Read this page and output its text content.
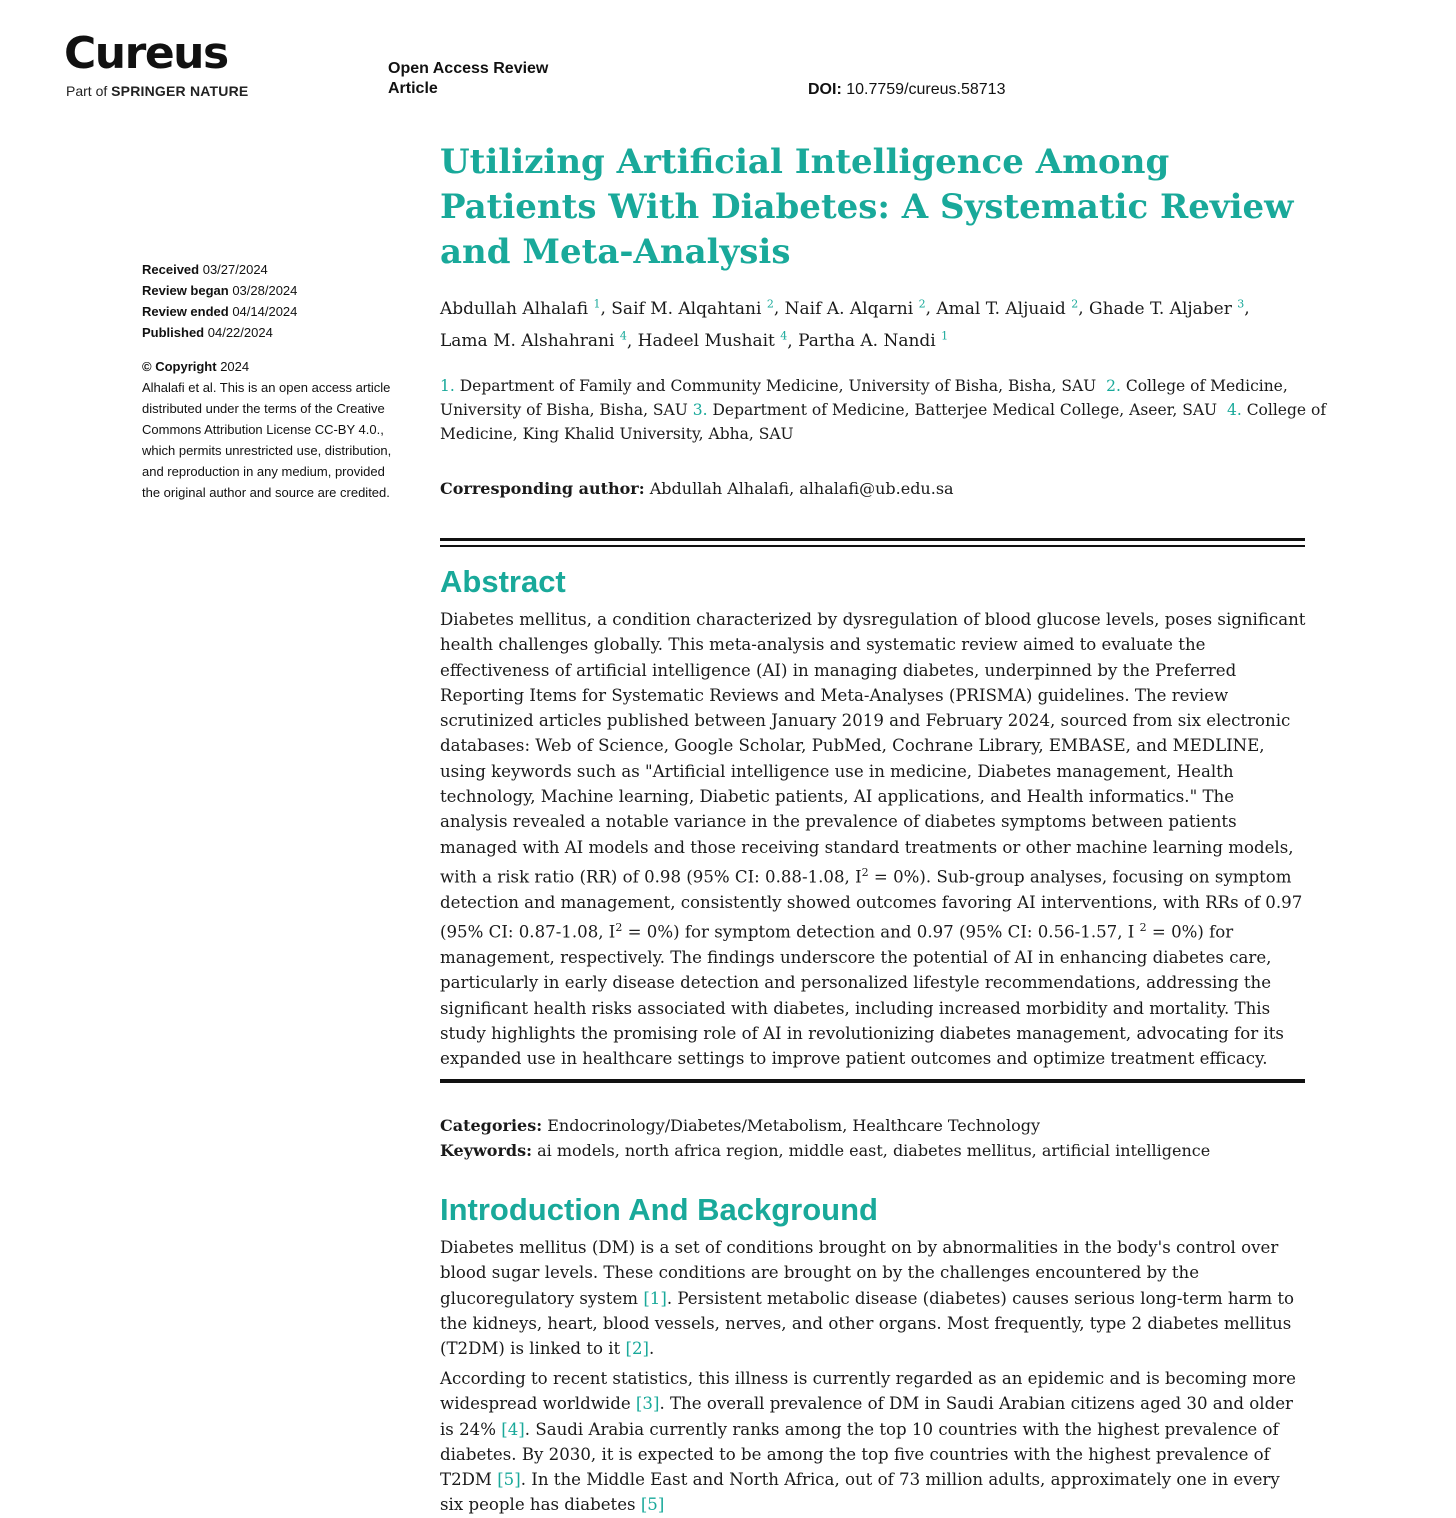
Cureus
Part of SPRINGER NATURE
Open Access Review Article	DOI: 10.7759/cureus.58713
Utilizing Artificial Intelligence Among Patients With Diabetes: A Systematic Review and Meta-Analysis
Received 03/27/2024
Review began 03/28/2024
Review ended 04/14/2024
Published 04/22/2024
© Copyright 2024
Alhalafi et al. This is an open access article distributed under the terms of the Creative Commons Attribution License CC-BY 4.0., which permits unrestricted use, distribution, and reproduction in any medium, provided the original author and source are credited.
Abdullah Alhalafi $^1$, Saif M. Alqahtani $^2$, Naif A. Alqarni $^2$, Amal T. Aljuaid $^2$, Ghade T. Aljaber $^3$,
Lama M. Alshahrani $^4$, Hadeel Mushait $^4$, Partha A. Nandi $^1$
1. Department of Family and Community Medicine, University of Bisha, Bisha, SAU 2. College of Medicine, University of Bisha, Bisha, SAU 3. Department of Medicine, Batterjee Medical College, Aseer, SAU 4. College of Medicine, King Khalid University, Abha, SAU
Corresponding author: Abdullah Alhalafi, alhalafi@ub.edu.sa
Abstract
Diabetes mellitus, a condition characterized by dysregulation of blood glucose levels, poses significant health challenges globally. This meta-analysis and systematic review aimed to evaluate the effectiveness of artificial intelligence (AI) in managing diabetes, underpinned by the Preferred Reporting Items for Systematic Reviews and Meta-Analyses (PRISMA) guidelines. The review scrutinized articles published between January 2019 and February 2024, sourced from six electronic databases: Web of Science, Google Scholar, PubMed, Cochrane Library, EMBASE, and MEDLINE, using keywords such as "Artificial intelligence use in medicine, Diabetes management, Health technology, Machine learning, Diabetic patients, AI applications, and Health informatics." The analysis revealed a notable variance in the prevalence of diabetes symptoms between patients managed with AI models and those receiving standard treatments or other machine learning models, with a risk ratio (RR) of 0.98 (95% CI: 0.88-1.08, $I^2 = 0\%$). Sub-group analyses, focusing on symptom detection and management, consistently showed outcomes favoring AI interventions, with RRs of 0.97 (95% CI: 0.87-1.08, $I^2 = 0\%$) for symptom detection and 0.97 (95% CI: 0.56-1.57, I $^2$ = 0%) for management, respectively. The findings underscore the potential of AI in enhancing diabetes care, particularly in early disease detection and personalized lifestyle recommendations, addressing the significant health risks associated with diabetes, including increased morbidity and mortality. This study highlights the promising role of AI in revolutionizing diabetes management, advocating for its expanded use in healthcare settings to improve patient outcomes and optimize treatment efficacy.
Categories: Endocrinology/Diabetes/Metabolism, Healthcare Technology
Keywords: ai models, north africa region, middle east, diabetes mellitus, artificial intelligence
Introduction And Background
Diabetes mellitus (DM) is a set of conditions brought on by abnormalities in the body's control over blood sugar levels. These conditions are brought on by the challenges encountered by the glucoregulatory system [1]. Persistent metabolic disease (diabetes) causes serious long-term harm to the kidneys, heart, blood vessels, nerves, and other organs. Most frequently, type 2 diabetes mellitus (T2DM) is linked to it [2].
According to recent statistics, this illness is currently regarded as an epidemic and is becoming more widespread worldwide [3]. The overall prevalence of DM in Saudi Arabian citizens aged 30 and older is 24% [4]. Saudi Arabia currently ranks among the top 10 countries with the highest prevalence of diabetes. By 2030, it is expected to be among the top five countries with the highest prevalence of T2DM [5]. In the Middle East and North Africa, out of 73 million adults, approximately one in every six people has diabetes [5]
